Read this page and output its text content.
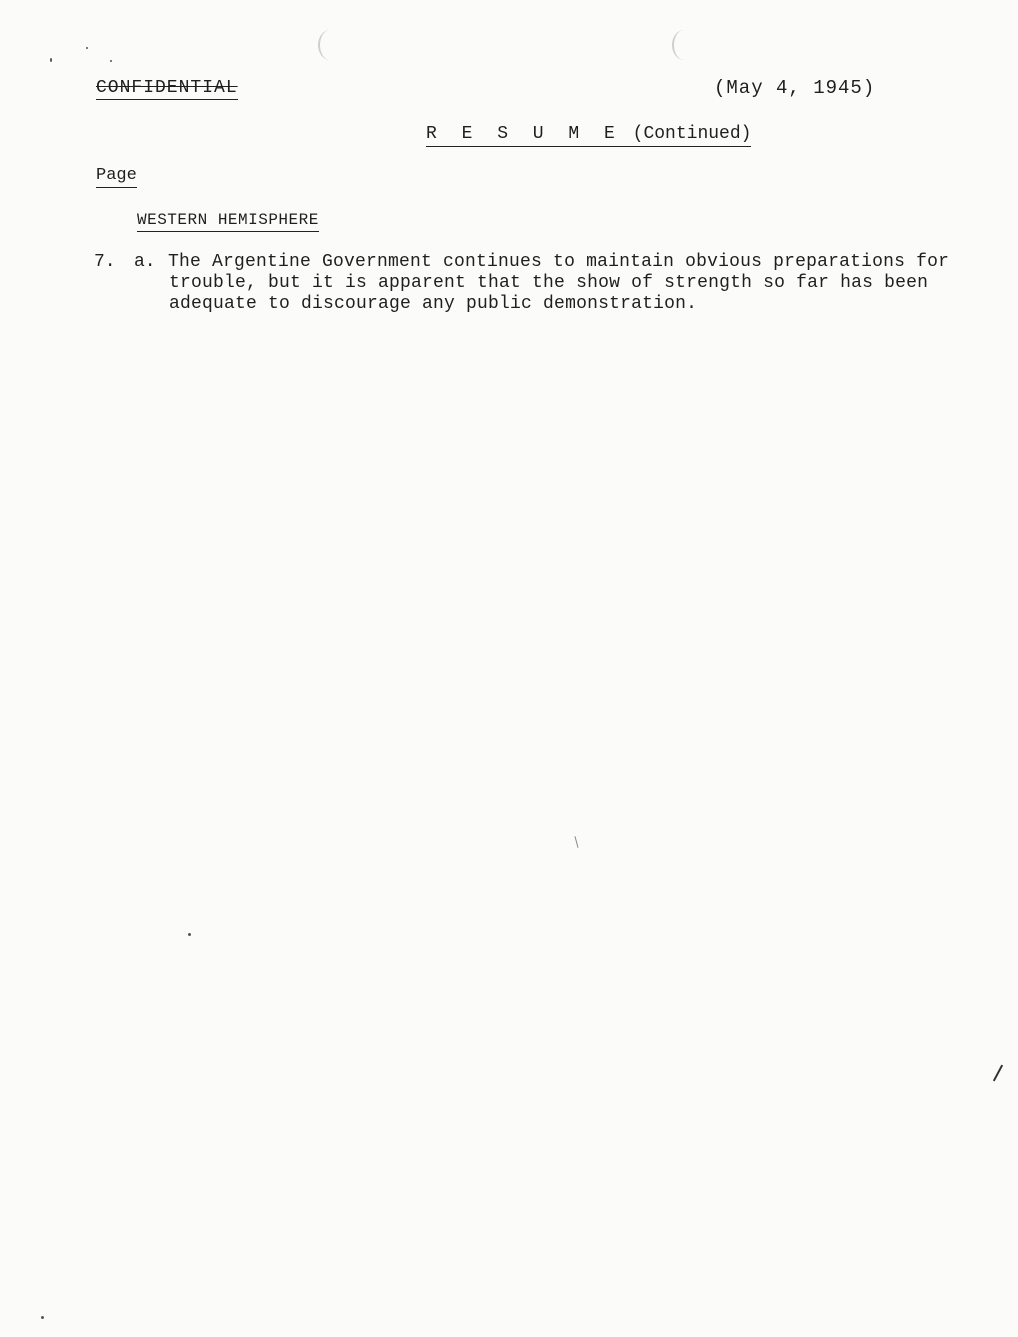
CONFIDENTIAL	(May 4, 1945)
R E S U M E (Continued)
Page
WESTERN HEMISPHERE
7. a. The Argentine Government continues to maintain obvious preparations for
trouble, but it is apparent that the show of strength so far has been
adequate to discourage any public demonstration.
